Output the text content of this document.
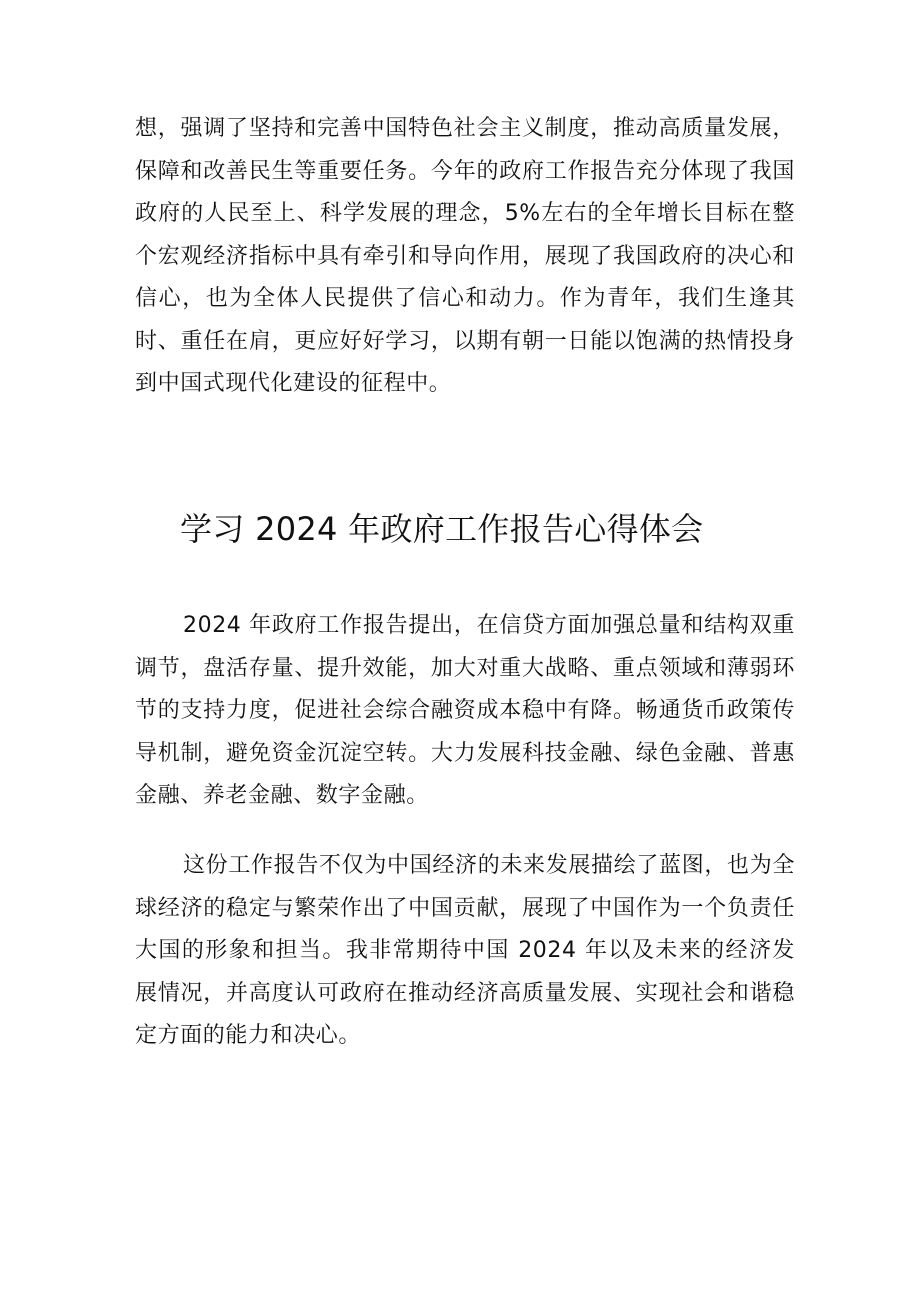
想，强调了坚持和完善中国特色社会主义制度，推动高质量发展，保障和改善民生等重要任务。今年的政府工作报告充分体现了我国政府的人民至上、科学发展的理念，5%左右的全年增长目标在整个宏观经济指标中具有牵引和导向作用，展现了我国政府的决心和信心，也为全体人民提供了信心和动力。作为青年，我们生逢其时、重任在肩，更应好好学习，以期有朝一日能以饱满的热情投身到中国式现代化建设的征程中。

学习 2024 年政府工作报告心得体会

2024 年政府工作报告提出，在信贷方面加强总量和结构双重调节，盘活存量、提升效能，加大对重大战略、重点领域和薄弱环节的支持力度，促进社会综合融资成本稳中有降。畅通货币政策传导机制，避免资金沉淀空转。大力发展科技金融、绿色金融、普惠金融、养老金融、数字金融。

这份工作报告不仅为中国经济的未来发展描绘了蓝图，也为全球经济的稳定与繁荣作出了中国贡献，展现了中国作为一个负责任大国的形象和担当。我非常期待中国 2024 年以及未来的经济发展情况，并高度认可政府在推动经济高质量发展、实现社会和谐稳定方面的能力和决心。
